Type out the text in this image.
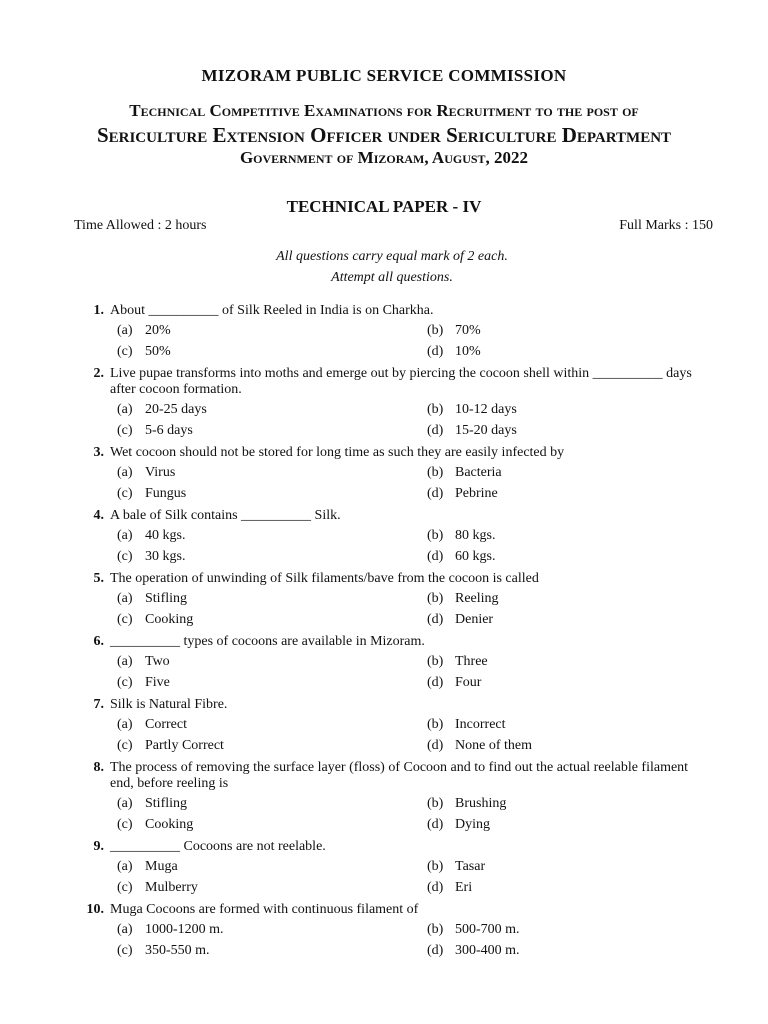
MIZORAM PUBLIC SERVICE COMMISSION
Technical Competitive Examinations for Recruitment to the post of
Sericulture Extension Officer under Sericulture Department
Government of Mizoram, August, 2022
TECHNICAL PAPER - IV
Time Allowed : 2 hours	Full Marks : 150
All questions carry equal mark of 2 each.
Attempt all questions.
1. About __________ of Silk Reeled in India is on Charkha.
(a) 20%	(b) 70%
(c) 50%	(d) 10%
2. Live pupae transforms into moths and emerge out by piercing the cocoon shell within __________ days after cocoon formation.
(a) 20-25 days	(b) 10-12 days
(c) 5-6 days	(d) 15-20 days
3. Wet cocoon should not be stored for long time as such they are easily infected by
(a) Virus	(b) Bacteria
(c) Fungus	(d) Pebrine
4. A bale of Silk contains __________ Silk.
(a) 40 kgs.	(b) 80 kgs.
(c) 30 kgs.	(d) 60 kgs.
5. The operation of unwinding of Silk filaments/bave from the cocoon is called
(a) Stifling	(b) Reeling
(c) Cooking	(d) Denier
6. __________ types of cocoons are available in Mizoram.
(a) Two	(b) Three
(c) Five	(d) Four
7. Silk is Natural Fibre.
(a) Correct	(b) Incorrect
(c) Partly Correct	(d) None of them
8. The process of removing the surface layer (floss) of Cocoon and to find out the actual reelable filament end, before reeling is
(a) Stifling	(b) Brushing
(c) Cooking	(d) Dying
9. __________ Cocoons are not reelable.
(a) Muga	(b) Tasar
(c) Mulberry	(d) Eri
10. Muga Cocoons are formed with continuous filament of
(a) 1000-1200 m.	(b) 500-700 m.
(c) 350-550 m.	(d) 300-400 m.
